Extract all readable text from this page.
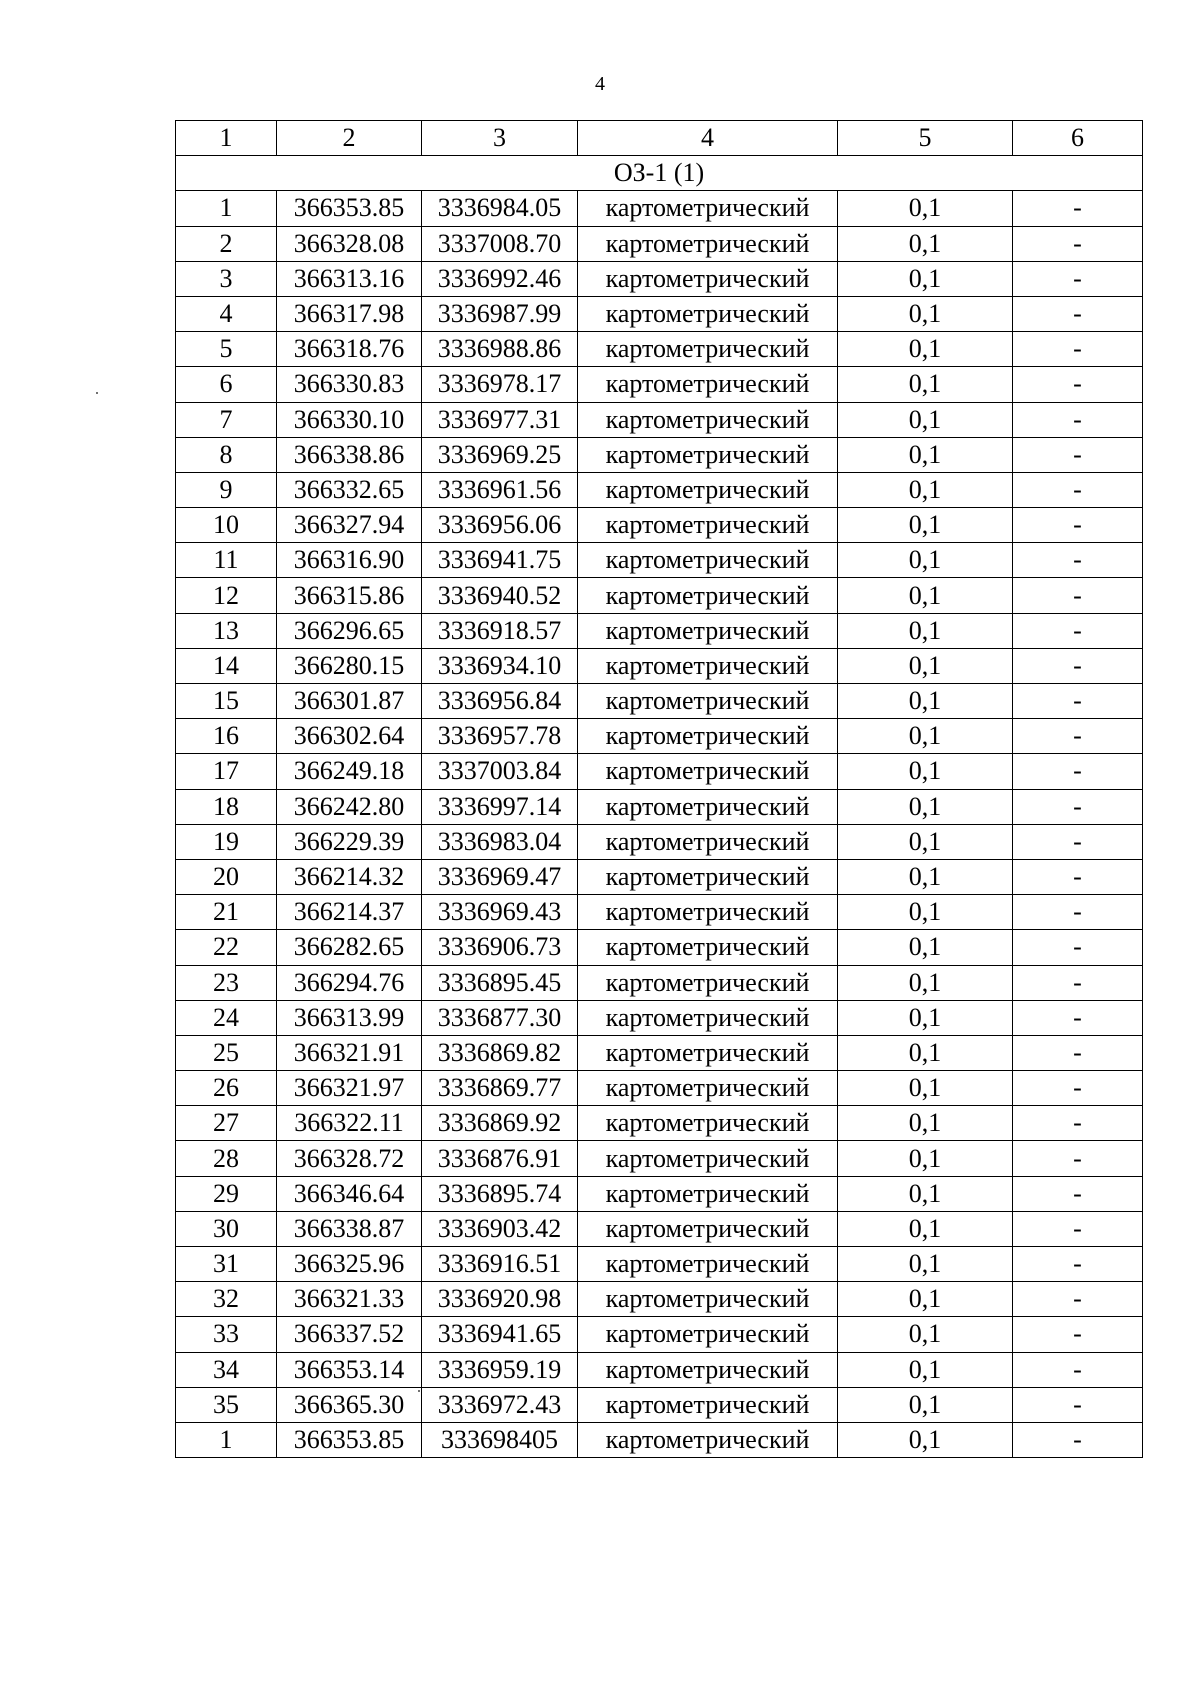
4
1	2	3	4	5	6
ОЗ-1 (1)					
1	366353.85	3336984.05	картометрический	0,1	-
2	366328.08	3337008.70	картометрический	0,1	-
3	366313.16	3336992.46	картометрический	0,1	-
4	366317.98	3336987.99	картометрический	0,1	-
5	366318.76	3336988.86	картометрический	0,1	-
6	366330.83	3336978.17	картометрический	0,1	-
7	366330.10	3336977.31	картометрический	0,1	-
8	366338.86	3336969.25	картометрический	0,1	-
9	366332.65	3336961.56	картометрический	0,1	-
10	366327.94	3336956.06	картометрический	0,1	-
11	366316.90	3336941.75	картометрический	0,1	-
12	366315.86	3336940.52	картометрический	0,1	-
13	366296.65	3336918.57	картометрический	0,1	-
14	366280.15	3336934.10	картометрический	0,1	-
15	366301.87	3336956.84	картометрический	0,1	-
16	366302.64	3336957.78	картометрический	0,1	-
17	366249.18	3337003.84	картометрический	0,1	-
18	366242.80	3336997.14	картометрический	0,1	-
19	366229.39	3336983.04	картометрический	0,1	-
20	366214.32	3336969.47	картометрический	0,1	-
21	366214.37	3336969.43	картометрический	0,1	-
22	366282.65	3336906.73	картометрический	0,1	-
23	366294.76	3336895.45	картометрический	0,1	-
24	366313.99	3336877.30	картометрический	0,1	-
25	366321.91	3336869.82	картометрический	0,1	-
26	366321.97	3336869.77	картометрический	0,1	-
27	366322.11	3336869.92	картометрический	0,1	-
28	366328.72	3336876.91	картометрический	0,1	-
29	366346.64	3336895.74	картометрический	0,1	-
30	366338.87	3336903.42	картометрический	0,1	-
31	366325.96	3336916.51	картометрический	0,1	-
32	366321.33	3336920.98	картометрический	0,1	-
33	366337.52	3336941.65	картометрический	0,1	-
34	366353.14	3336959.19	картометрический	0,1	-
35	366365.30	3336972.43	картометрический	0,1	-
1	366353.85	333698405	картометрический	0,1	-
